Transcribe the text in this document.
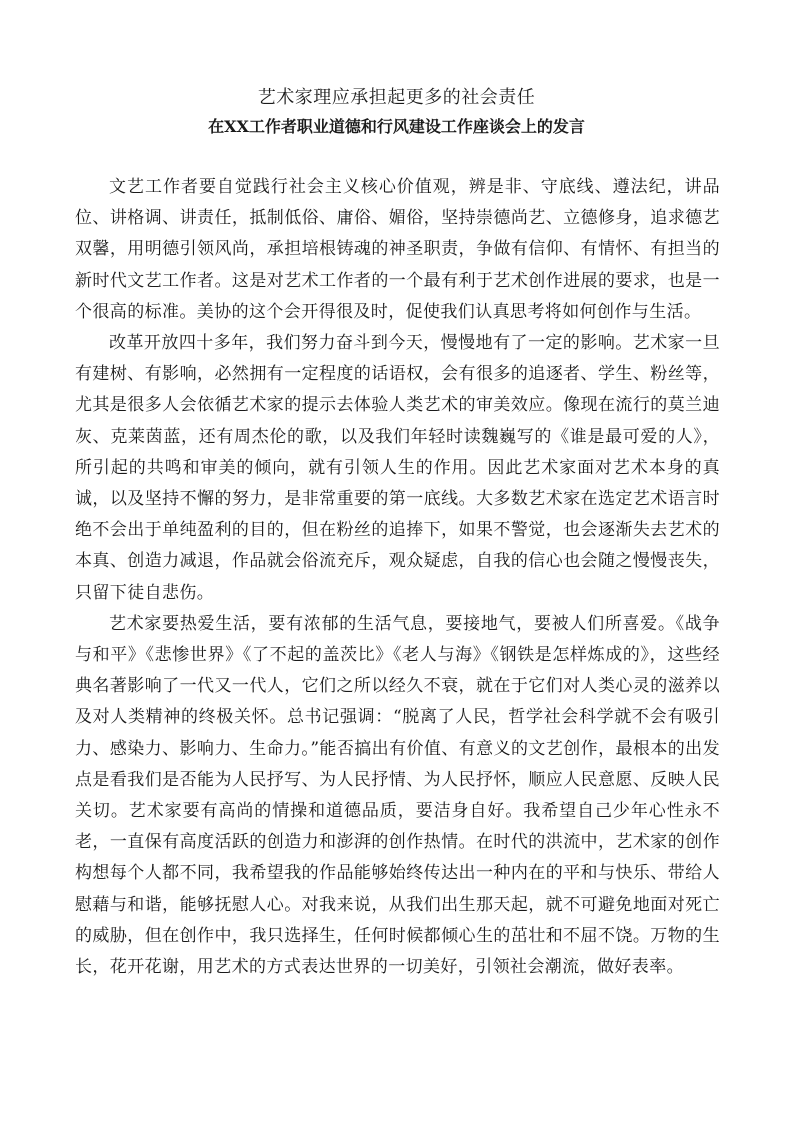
艺术家理应承担起更多的社会责任
在XX工作者职业道德和行风建设工作座谈会上的发言

文艺工作者要自觉践行社会主义核心价值观，辨是非、守底线、遵法纪，讲品位、讲格调、讲责任，抵制低俗、庸俗、媚俗，坚持崇德尚艺、立德修身，追求德艺双馨，用明德引领风尚，承担培根铸魂的神圣职责，争做有信仰、有情怀、有担当的新时代文艺工作者。这是对艺术工作者的一个最有利于艺术创作进展的要求，也是一个很高的标准。美协的这个会开得很及时，促使我们认真思考将如何创作与生活。

改革开放四十多年，我们努力奋斗到今天，慢慢地有了一定的影响。艺术家一旦有建树、有影响，必然拥有一定程度的话语权，会有很多的追逐者、学生、粉丝等，尤其是很多人会依循艺术家的提示去体验人类艺术的审美效应。像现在流行的莫兰迪灰、克莱茵蓝，还有周杰伦的歌，以及我们年轻时读魏巍写的《谁是最可爱的人》，所引起的共鸣和审美的倾向，就有引领人生的作用。因此艺术家面对艺术本身的真诚，以及坚持不懈的努力，是非常重要的第一底线。大多数艺术家在选定艺术语言时绝不会出于单纯盈利的目的，但在粉丝的追捧下，如果不警觉，也会逐渐失去艺术的本真、创造力减退，作品就会俗流充斥，观众疑虑，自我的信心也会随之慢慢丧失，只留下徒自悲伤。

艺术家要热爱生活，要有浓郁的生活气息，要接地气，要被人们所喜爱。《战争与和平》《悲惨世界》《了不起的盖茨比》《老人与海》《钢铁是怎样炼成的》，这些经典名著影响了一代又一代人，它们之所以经久不衰，就在于它们对人类心灵的滋养以及对人类精神的终极关怀。总书记强调：“脱离了人民，哲学社会科学就不会有吸引力、感染力、影响力、生命力。”能否搞出有价值、有意义的文艺创作，最根本的出发点是看我们是否能为人民抒写、为人民抒情、为人民抒怀，顺应人民意愿、反映人民关切。艺术家要有高尚的情操和道德品质，要洁身自好。我希望自己少年心性永不老，一直保有高度活跃的创造力和澎湃的创作热情。在时代的洪流中，艺术家的创作构想每个人都不同，我希望我的作品能够始终传达出一种内在的平和与快乐、带给人慰藉与和谐，能够抚慰人心。对我来说，从我们出生那天起，就不可避免地面对死亡的威胁，但在创作中，我只选择生，任何时候都倾心生的茁壮和不屈不饶。万物的生长，花开花谢，用艺术的方式表达世界的一切美好，引领社会潮流，做好表率。
